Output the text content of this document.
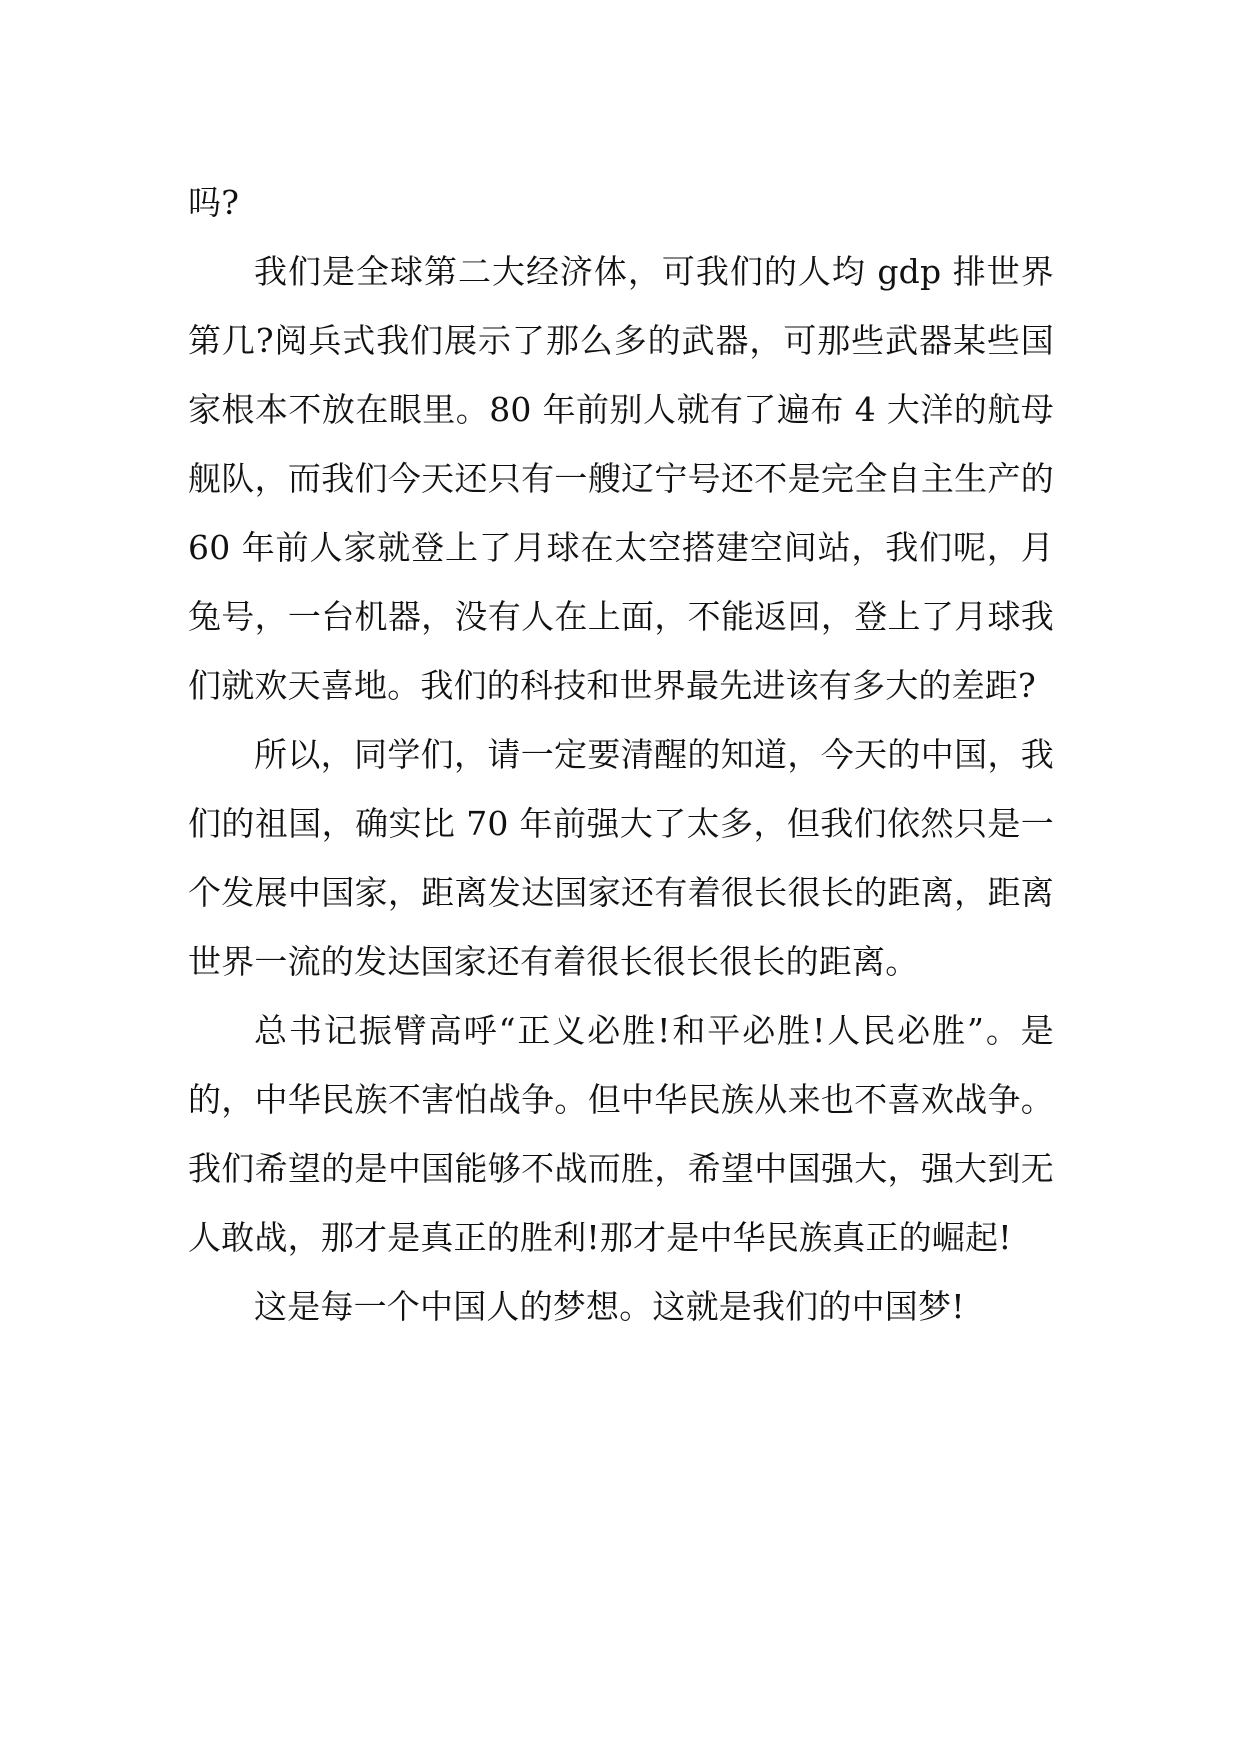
吗?

我们是全球第二大经济体，可我们的人均 gdp 排世界第几?阅兵式我们展示了那么多的武器，可那些武器某些国家根本不放在眼里。80 年前别人就有了遍布 4 大洋的航母舰队，而我们今天还只有一艘辽宁号还不是完全自主生产的 60 年前人家就登上了月球在太空搭建空间站，我们呢，月兔号，一台机器，没有人在上面，不能返回，登上了月球我们就欢天喜地。我们的科技和世界最先进该有多大的差距?

所以，同学们，请一定要清醒的知道，今天的中国，我们的祖国，确实比 70 年前强大了太多，但我们依然只是一个发展中国家，距离发达国家还有着很长很长的距离，距离世界一流的发达国家还有着很长很长很长的距离。

总书记振臂高呼“正义必胜!和平必胜!人民必胜”。是的，中华民族不害怕战争。但中华民族从来也不喜欢战争。我们希望的是中国能够不战而胜，希望中国强大，强大到无人敢战，那才是真正的胜利!那才是中华民族真正的崛起!

这是每一个中国人的梦想。这就是我们的中国梦!
